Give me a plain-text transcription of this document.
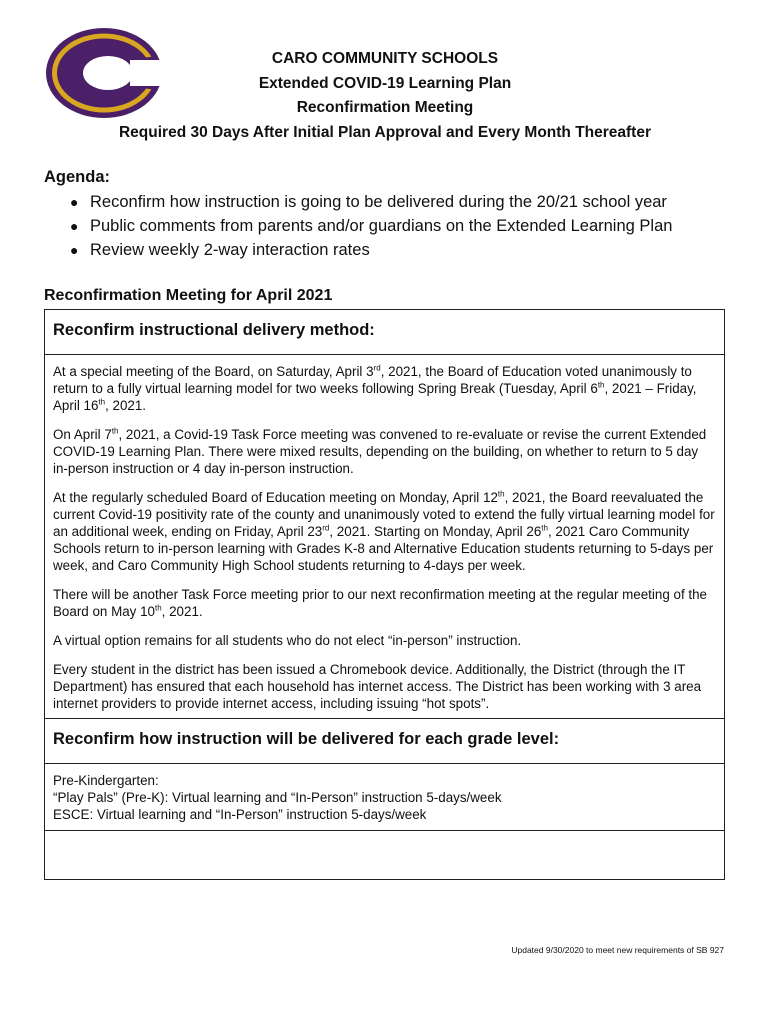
CARO COMMUNITY SCHOOLS
Extended COVID-19 Learning Plan
Reconfirmation Meeting
Required 30 Days After Initial Plan Approval and Every Month Thereafter
Agenda:
● Reconfirm how instruction is going to be delivered during the 20/21 school year
● Public comments from parents and/or guardians on the Extended Learning Plan
● Review weekly 2-way interaction rates
Reconfirmation Meeting for April 2021
Reconfirm instructional delivery method:

At a special meeting of the Board, on Saturday, April 3rd, 2021, the Board of Education voted unanimously to return to a fully virtual learning model for two weeks following Spring Break (Tuesday, April 6th, 2021 – Friday, April 16th, 2021.

On April 7th, 2021, a Covid-19 Task Force meeting was convened to re-evaluate or revise the current Extended COVID-19 Learning Plan. There were mixed results, depending on the building, on whether to return to 5 day in-person instruction or 4 day in-person instruction.

At the regularly scheduled Board of Education meeting on Monday, April 12th, 2021, the Board reevaluated the current Covid-19 positivity rate of the county and unanimously voted to extend the fully virtual learning model for an additional week, ending on Friday, April 23rd, 2021. Starting on Monday, April 26th, 2021 Caro Community Schools return to in-person learning with Grades K-8 and Alternative Education students returning to 5-days per week, and Caro Community High School students returning to 4-days per week.

There will be another Task Force meeting prior to our next reconfirmation meeting at the regular meeting of the Board on May 10th, 2021.

A virtual option remains for all students who do not elect “in-person” instruction.

Every student in the district has been issued a Chromebook device. Additionally, the District (through the IT Department) has ensured that each household has internet access. The District has been working with 3 area internet providers to provide internet access, including issuing “hot spots”.

Reconfirm how instruction will be delivered for each grade level:

Pre-Kindergarten:
“Play Pals” (Pre-K): Virtual learning and “In-Person” instruction 5-days/week
ESCE: Virtual learning and “In-Person” instruction 5-days/week

Updated 9/30/2020 to meet new requirements of SB 927
